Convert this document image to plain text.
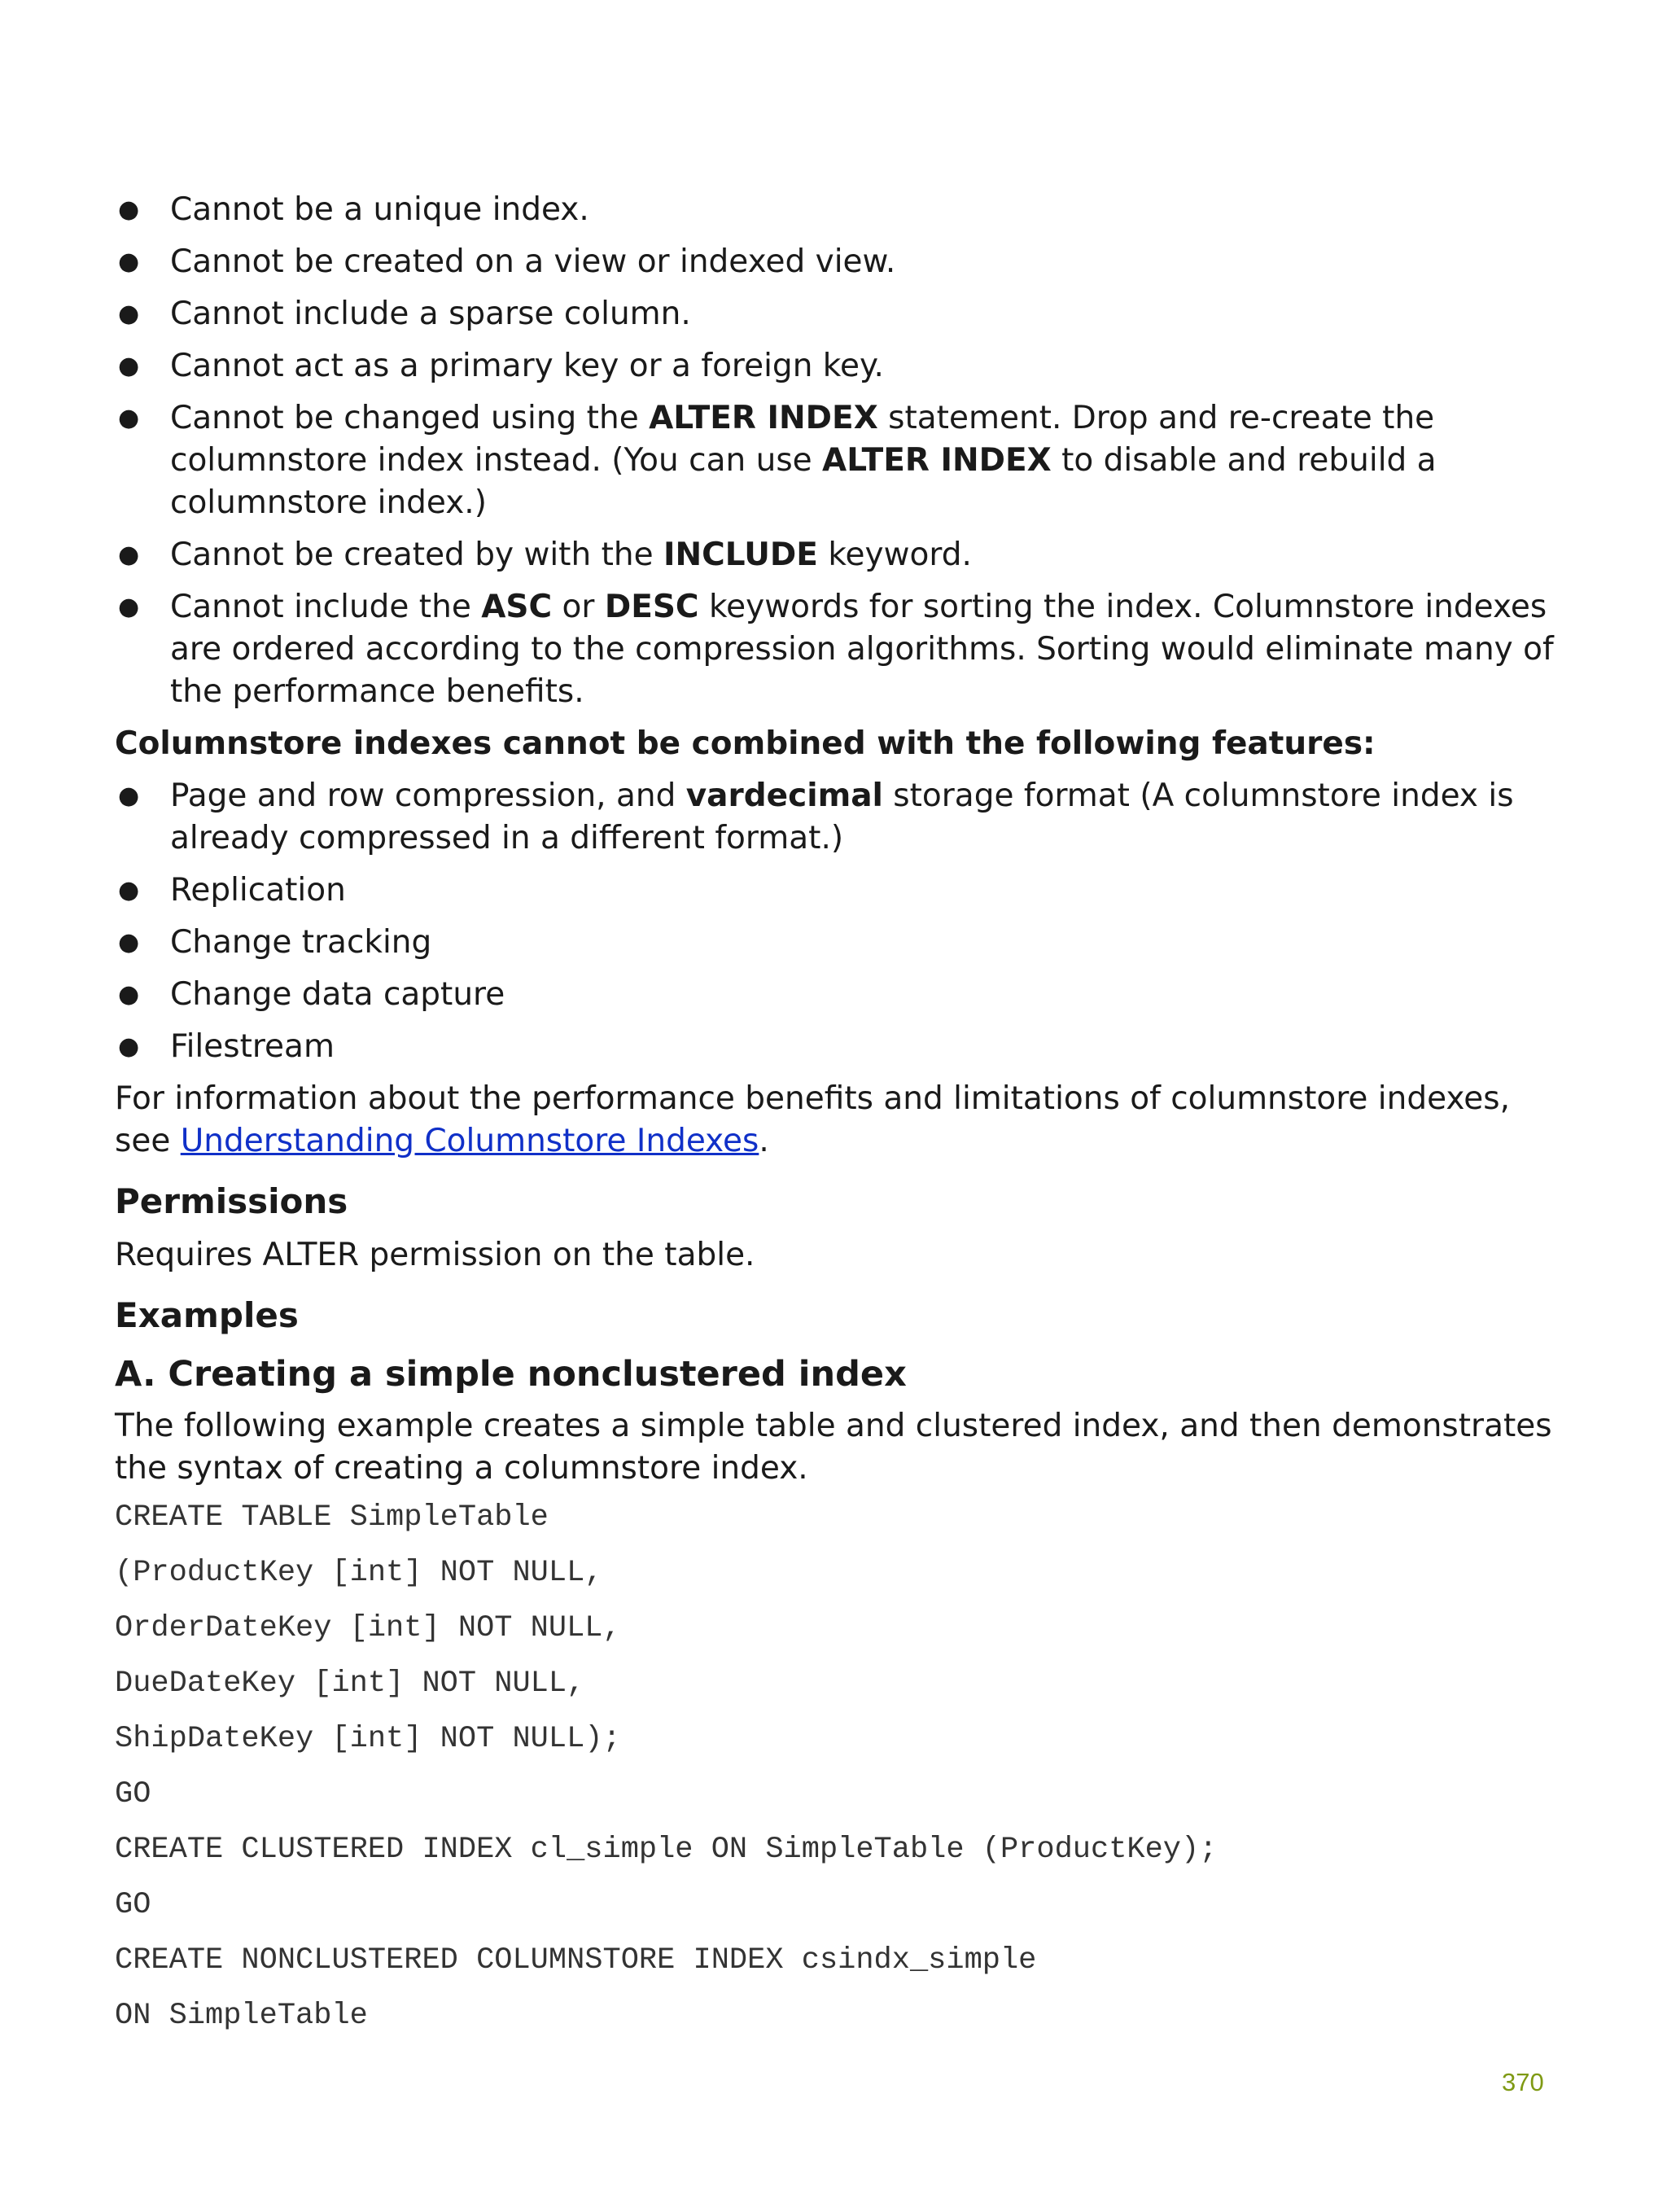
● Cannot be a unique index.
● Cannot be created on a view or indexed view.
● Cannot include a sparse column.
● Cannot act as a primary key or a foreign key.
● Cannot be changed using the ALTER INDEX statement. Drop and re-create the columnstore index instead. (You can use ALTER INDEX to disable and rebuild a columnstore index.)
● Cannot be created by with the INCLUDE keyword.
● Cannot include the ASC or DESC keywords for sorting the index. Columnstore indexes are ordered according to the compression algorithms. Sorting would eliminate many of the performance benefits.
Columnstore indexes cannot be combined with the following features:
● Page and row compression, and vardecimal storage format (A columnstore index is already compressed in a different format.)
● Replication
● Change tracking
● Change data capture
● Filestream

For information about the performance benefits and limitations of columnstore indexes, see Understanding Columnstore Indexes.

Permissions

Requires ALTER permission on the table.

Examples
A. Creating a simple nonclustered index

The following example creates a simple table and clustered index, and then demonstrates the syntax of creating a columnstore index.

CREATE TABLE SimpleTable
(ProductKey [int] NOT NULL,
OrderDateKey [int] NOT NULL,
DueDateKey [int] NOT NULL,
ShipDateKey [int] NOT NULL);
GO
CREATE CLUSTERED INDEX cl_simple ON SimpleTable (ProductKey);
GO
CREATE NONCLUSTERED COLUMNSTORE INDEX csindx_simple
ON SimpleTable
370
